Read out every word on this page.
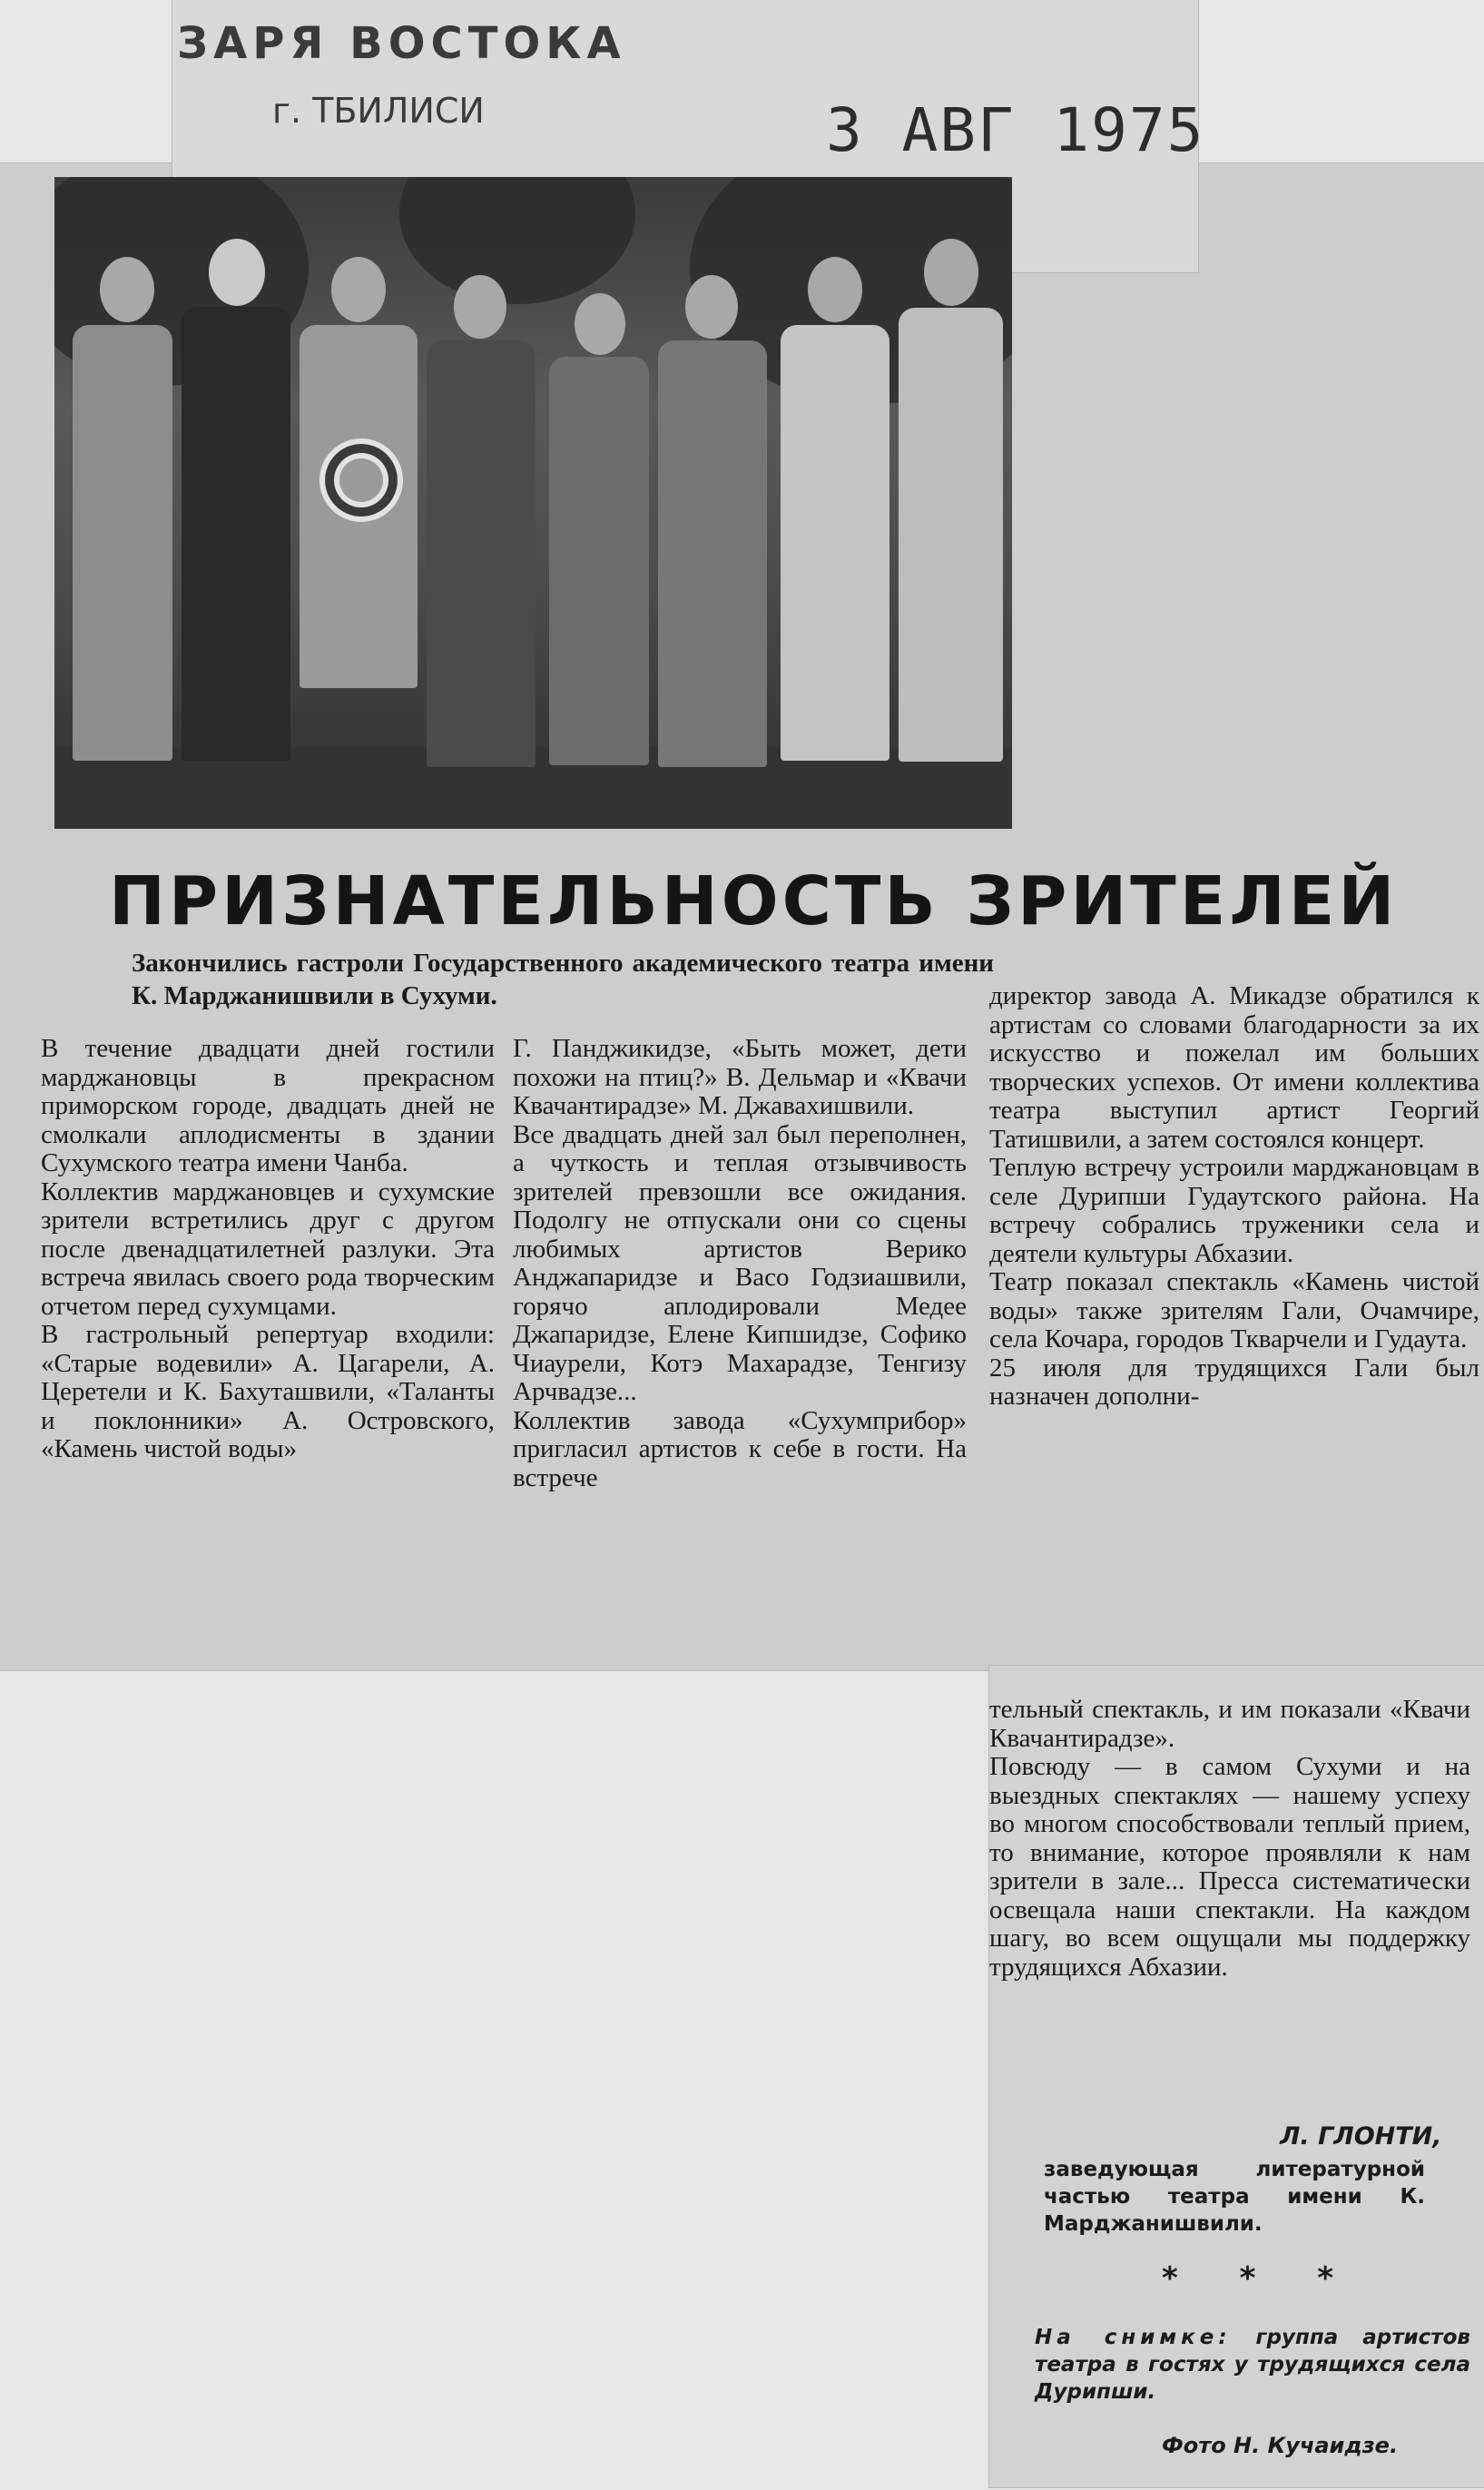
ЗАРЯ ВОСТОКА
г. ТБИЛИСИ	3 АВГ 1975
ПРИЗНАТЕЛЬНОСТЬ ЗРИТЕЛЕЙ
Закончились гастроли Государственного академического театра имени К. Марджанишвили в Сухуми.
В течение двадцати дней гостили марджановцы в прекрасном приморском городе, двадцать дней не смолкали аплодисменты в здании Сухумского театра имени Чанба.
Коллектив марджановцев и сухумские зрители встретились друг с другом после двенадцатилетней разлуки. Эта встреча явилась своего рода творческим отчетом перед сухумцами.
В гастрольный репертуар входили: «Старые водевили» А. Цагарели, А. Церетели и К. Бахуташвили, «Таланты и поклонники» А. Островского, «Камень чистой воды»
Г. Панджикидзе, «Быть может, дети похожи на птиц?» В. Дельмар и «Квачи Квачантирадзе» М. Джавахишвили.
Все двадцать дней зал был переполнен, а чуткость и теплая отзывчивость зрителей превзошли все ожидания. Подолгу не отпускали они со сцены любимых артистов Верико Анджапаридзе и Васо Годзиашвили, горячо аплодировали Медее Джапаридзе, Елене Кипшидзе, Софико Чиаурели, Котэ Махарадзе, Тенгизу Арчвадзе...
Коллектив завода «Сухумприбор» пригласил артистов к себе в гости. На встрече
директор завода А. Микадзе обратился к артистам со словами благодарности за их искусство и пожелал им больших творческих успехов. От имени коллектива театра выступил артист Георгий Татишвили, а затем состоялся концерт.
Теплую встречу устроили марджановцам в селе Дурипши Гудаутского района. На встречу собрались труженики села и деятели культуры Абхазии.
Театр показал спектакль «Камень чистой воды» также зрителям Гали, Очамчире, села Кочара, городов Ткварчели и Гудаута.
25 июля для трудящихся Гали был назначен дополни-
тельный спектакль, и им показали «Квачи Квачантирадзе».
Повсюду — в самом Сухуми и на выездных спектаклях — нашему успеху во многом способствовали теплый прием, то внимание, которое проявляли к нам зрители в зале... Пресса систематически освещала наши спектакли. На каждом шагу, во всем ощущали мы поддержку трудящихся Абхазии.
Л. ГЛОНТИ,
заведующая литературной частью театра имени К. Марджанишвили.
* * *
На снимке: группа артистов театра в гостях у трудящихся села Дурипши.
Фото Н. Кучаидзе.
